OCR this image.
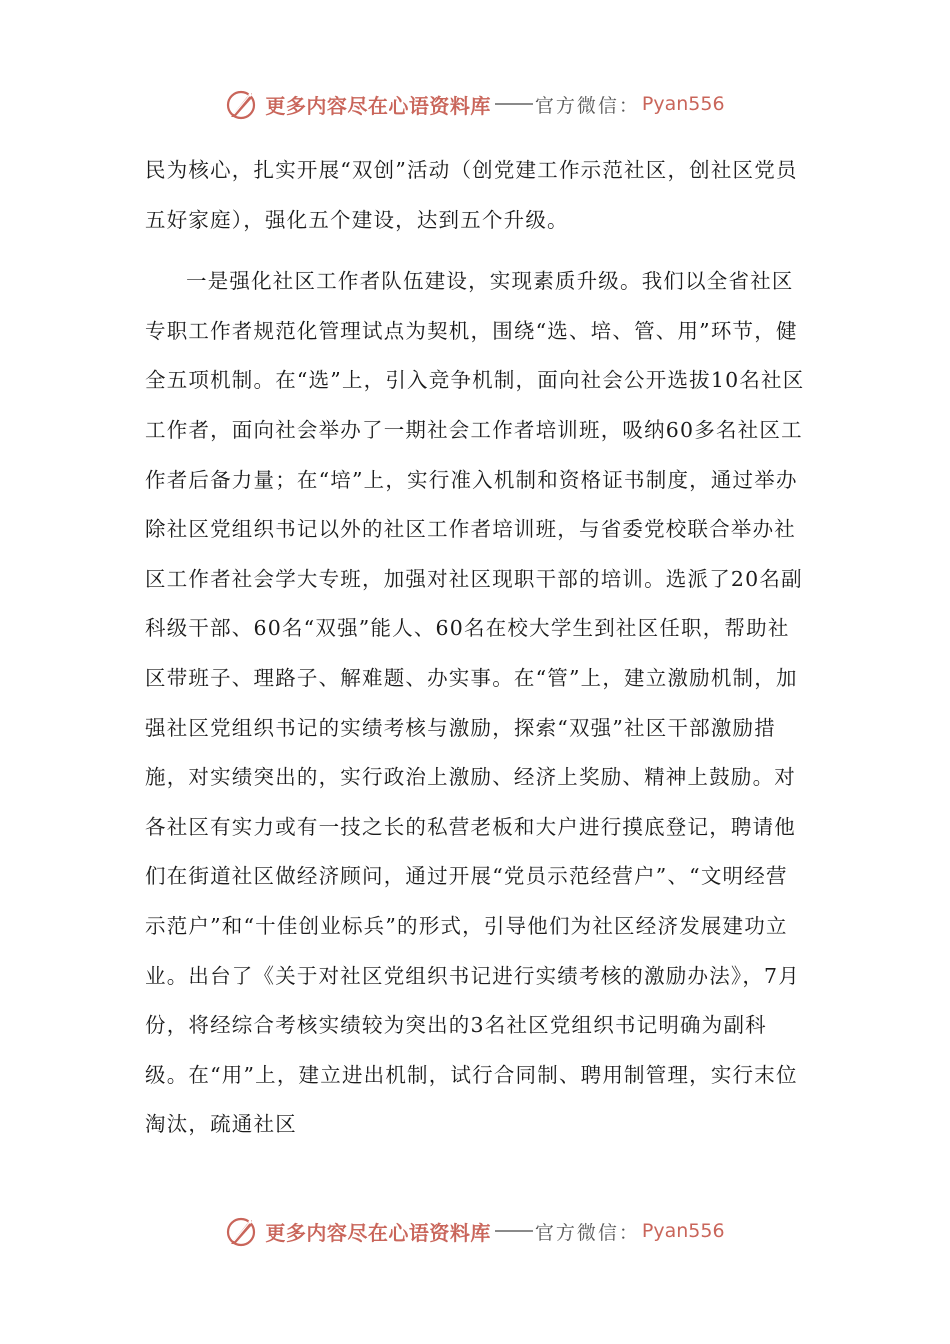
更多内容尽在心语资料库 官方微信： Pyan556

民为核心，扎实开展“双创”活动（创党建工作示范社区，创社区党员五好家庭），强化五个建设，达到五个升级。

一是强化社区工作者队伍建设，实现素质升级。我们以全省社区专职工作者规范化管理试点为契机，围绕“选、培、管、用”环节，健全五项机制。在“选”上，引入竞争机制，面向社会公开选拔10名社区工作者，面向社会举办了一期社会工作者培训班，吸纳60多名社区工作者后备力量；在“培”上，实行准入机制和资格证书制度，通过举办除社区党组织书记以外的社区工作者培训班，与省委党校联合举办社区工作者社会学大专班，加强对社区现职干部的培训。选派了20名副科级干部、60名“双强”能人、60名在校大学生到社区任职，帮助社区带班子、理路子、解难题、办实事。在“管”上，建立激励机制，加强社区党组织书记的实绩考核与激励，探索“双强”社区干部激励措施，对实绩突出的，实行政治上激励、经济上奖励、精神上鼓励。对各社区有实力或有一技之长的私营老板和大户进行摸底登记，聘请他们在街道社区做经济顾问，通过开展“党员示范经营户”、“文明经营示范户”和“十佳创业标兵”的形式，引导他们为社区经济发展建功立业。出台了《关于对社区党组织书记进行实绩考核的激励办法》，7月份，将经综合考核实绩较为突出的3名社区党组织书记明确为副科级。在“用”上，建立进出机制，试行合同制、聘用制管理，实行末位淘汰，疏通社区

更多内容尽在心语资料库 官方微信： Pyan556
